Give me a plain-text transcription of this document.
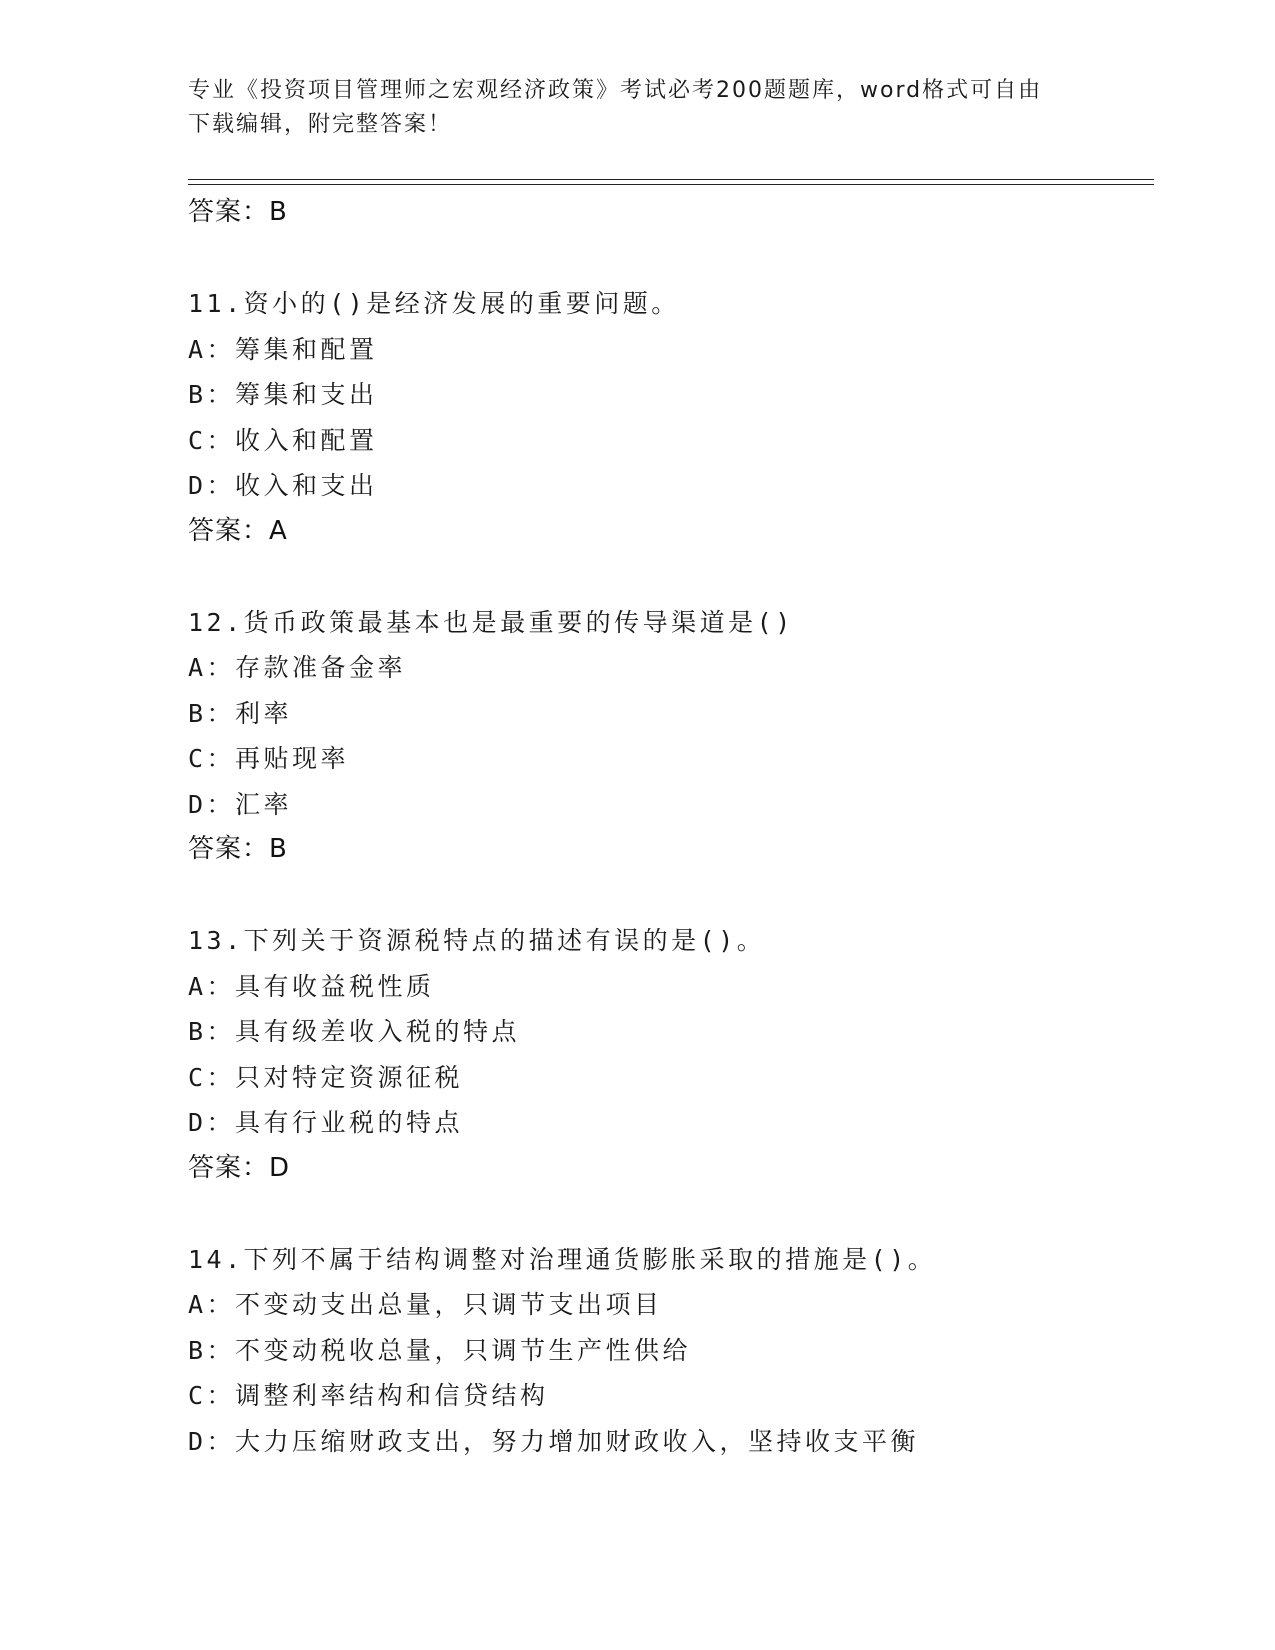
专业《投资项目管理师之宏观经济政策》考试必考200题题库，word格式可自由
下载编辑，附完整答案！
答案：B
11.资小的()是经济发展的重要问题。
A：筹集和配置
B：筹集和支出
C：收入和配置
D：收入和支出
答案：A
12.货币政策最基本也是最重要的传导渠道是()
A：存款准备金率
B：利率
C：再贴现率
D：汇率
答案：B
13.下列关于资源税特点的描述有误的是()。
A：具有收益税性质
B：具有级差收入税的特点
C：只对特定资源征税
D：具有行业税的特点
答案：D
14.下列不属于结构调整对治理通货膨胀采取的措施是()。
A：不变动支出总量，只调节支出项目
B：不变动税收总量，只调节生产性供给
C：调整利率结构和信贷结构
D：大力压缩财政支出，努力增加财政收入，坚持收支平衡
